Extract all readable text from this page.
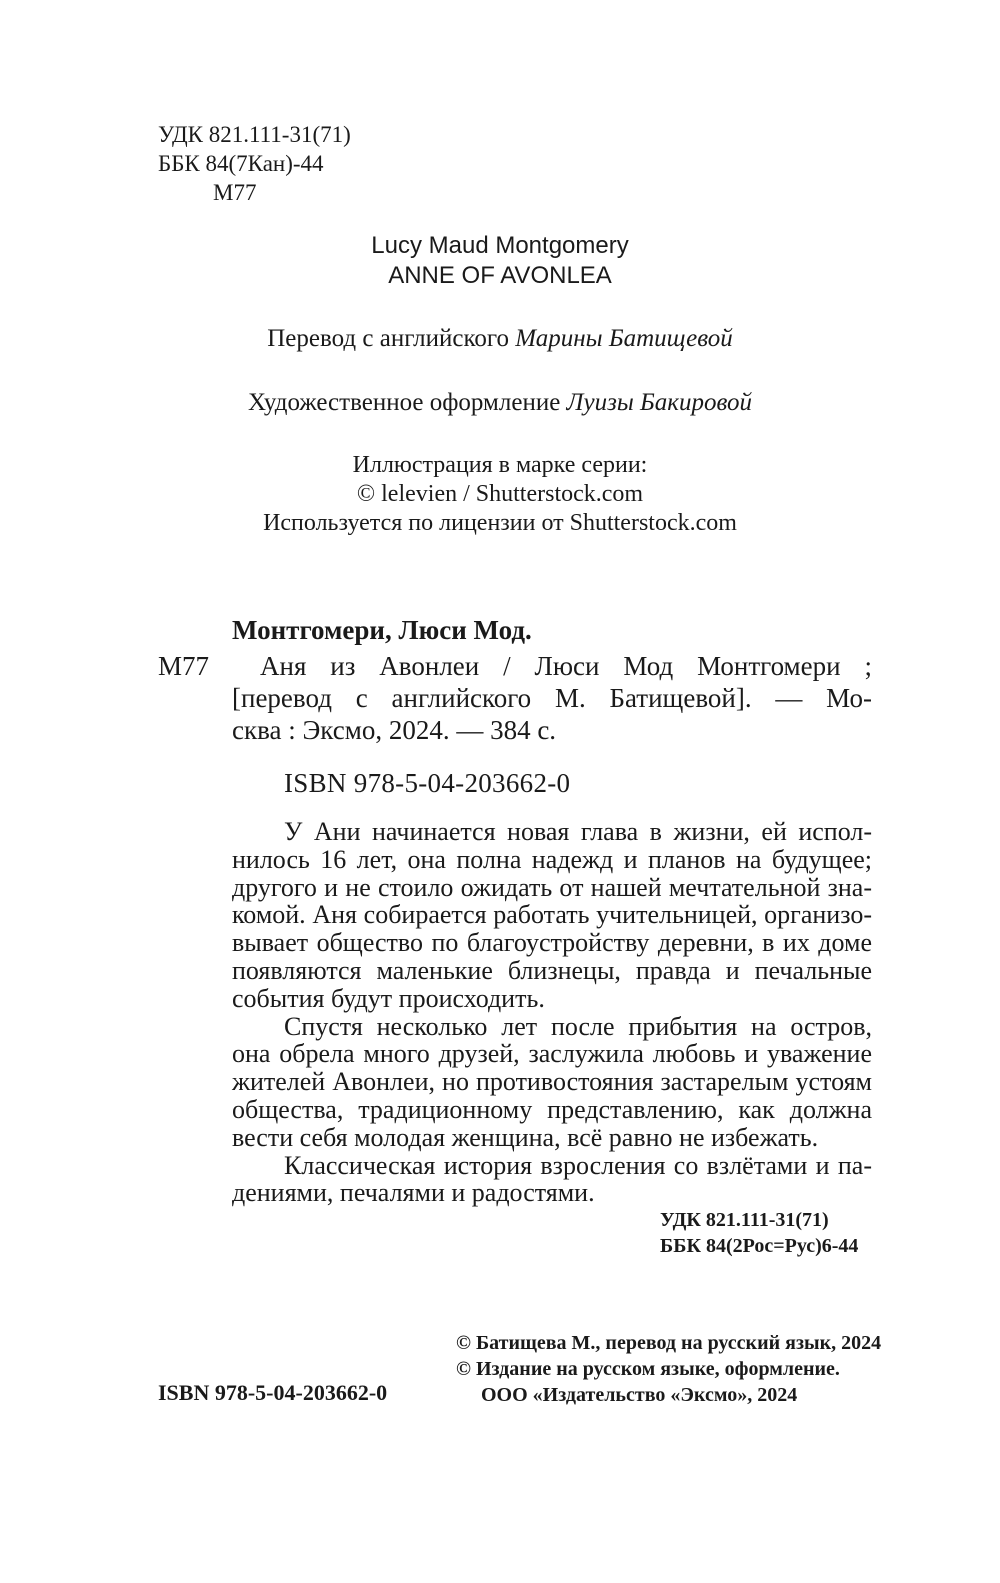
УДК 821.111-31(71)
ББК 84(7Кан)-44
М77
Lucy Maud Montgomery
ANNE OF AVONLEA
Перевод с английского Марины Батищевой
Художественное оформление Луизы Бакировой
Иллюстрация в марке серии:
© lelevien / Shutterstock.com
Используется по лицензии от Shutterstock.com
Монтгомери, Люси Мод.
М77 Аня из Авонлеи / Люси Мод Монтгомери ;
[перевод с английского М. Батищевой]. — Мо-
сква : Эксмо, 2024. — 384 с.
ISBN 978-5-04-203662-0
У Ани начинается новая глава в жизни, ей испол-
нилось 16 лет, она полна надежд и планов на будущее;
другого и не стоило ожидать от нашей мечтательной зна-
комой. Аня собирается работать учительницей, организо-
вывает общество по благоустройству деревни, в их доме
появляются маленькие близнецы, правда и печальные
события будут происходить.
Спустя несколько лет после прибытия на остров,
она обрела много друзей, заслужила любовь и уважение
жителей Авонлеи, но противостояния застарелым устоям
общества, традиционному представлению, как должна
вести себя молодая женщина, всё равно не избежать.
Классическая история взросления со взлётами и па-
дениями, печалями и радостями.
УДК 821.111-31(71)
ББК 84(2Рос=Рус)6-44
© Батищева М., перевод на русский язык, 2024
© Издание на русском языке, оформление.
ООО «Издательство «Эксмо», 2024
ISBN 978-5-04-203662-0
